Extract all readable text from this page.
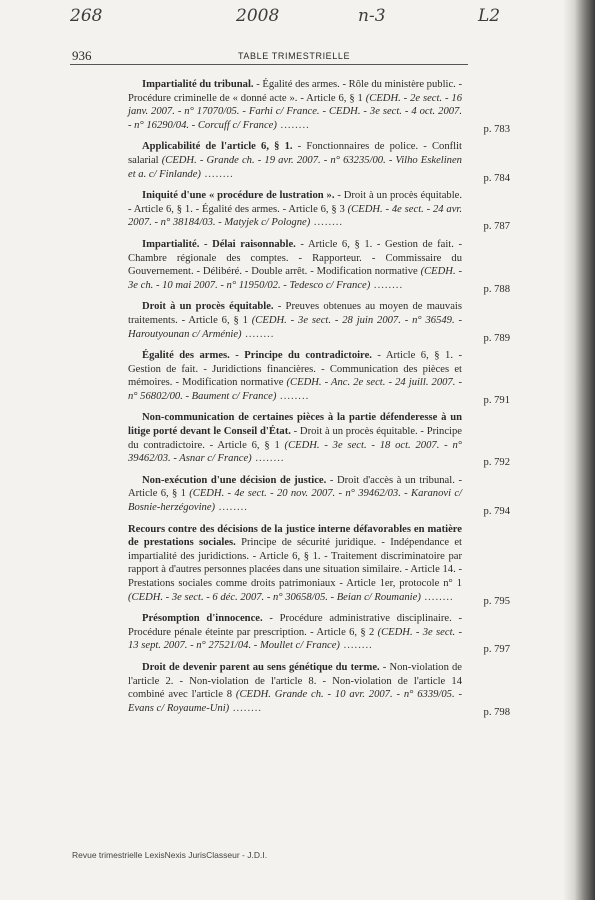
268	2008	n-3	L2
936	TABLE TRIMESTRIELLE
Impartialité du tribunal. - Égalité des armes. - Rôle du ministère public. - Procédure criminelle de « donné acte ». - Article 6, § 1 (CEDH. - 2e sect. - 16 janv. 2007. - n° 17070/05. - Farhi c/ France. - CEDH. - 3e sect. - 4 oct. 2007. - n° 16290/04. - Corcuff c/ France) ........	p. 783
Applicabilité de l'article 6, § 1. - Fonctionnaires de police. - Conflit salarial (CEDH. - Grande ch. - 19 avr. 2007. - n° 63235/00. - Vilho Eskelinen et a. c/ Finlande) ........	p. 784
Iniquité d'une « procédure de lustration ». - Droit à un procès équitable. - Article 6, § 1. - Égalité des armes. - Article 6, § 3 (CEDH. - 4e sect. - 24 avr. 2007. - n° 38184/03. - Matyjek c/ Pologne) ........	p. 787
Impartialité. - Délai raisonnable. - Article 6, § 1. - Gestion de fait. - Chambre régionale des comptes. - Rapporteur. - Commissaire du Gouvernement. - Délibéré. - Double arrêt. - Modification normative (CEDH. - 3e ch. - 10 mai 2007. - n° 11950/02. - Tedesco c/ France) ........	p. 788
Droit à un procès équitable. - Preuves obtenues au moyen de mauvais traitements. - Article 6, § 1 (CEDH. - 3e sect. - 28 juin 2007. - n° 36549. - Haroutyounan c/ Arménie) ........	p. 789
Égalité des armes. - Principe du contradictoire. - Article 6, § 1. - Gestion de fait. - Juridictions financières. - Communication des pièces et mémoires. - Modification normative (CEDH. - Anc. 2e sect. - 24 juill. 2007. - n° 56802/00. - Baument c/ France) ........	p. 791
Non-communication de certaines pièces à la partie défenderesse à un litige porté devant le Conseil d'État. - Droit à un procès équitable. - Principe du contradictoire. - Article 6, § 1 (CEDH. - 3e sect. - 18 oct. 2007. - n° 39462/03. - Asnar c/ France) ........	p. 792
Non-exécution d'une décision de justice. - Droit d'accès à un tribunal. - Article 6, § 1 (CEDH. - 4e sect. - 20 nov. 2007. - n° 39462/03. - Karanovi c/ Bosnie-herzégovine) ........	p. 794
Recours contre des décisions de la justice interne défavorables en matière de prestations sociales. Principe de sécurité juridique. - Indépendance et impartialité des juridictions. - Article 6, § 1. - Traitement discriminatoire par rapport à d'autres personnes placées dans une situation similaire. - Article 14. - Prestations sociales comme droits patrimoniaux - Article 1er, protocole n° 1 (CEDH. - 3e sect. - 6 déc. 2007. - n° 30658/05. - Beian c/ Roumanie) ........	p. 795
Présomption d'innocence. - Procédure administrative disciplinaire. - Procédure pénale éteinte par prescription. - Article 6, § 2 (CEDH. - 3e sect. - 13 sept. 2007. - n° 27521/04. - Moullet c/ France) ........	p. 797
Droit de devenir parent au sens génétique du terme. - Non-violation de l'article 2. - Non-violation de l'article 8. - Non-violation de l'article 14 combiné avec l'article 8 (CEDH. Grande ch. - 10 avr. 2007. - n° 6339/05. - Evans c/ Royaume-Uni) ........	p. 798
Revue trimestrielle LexisNexis JurisClasseur - J.D.I.
